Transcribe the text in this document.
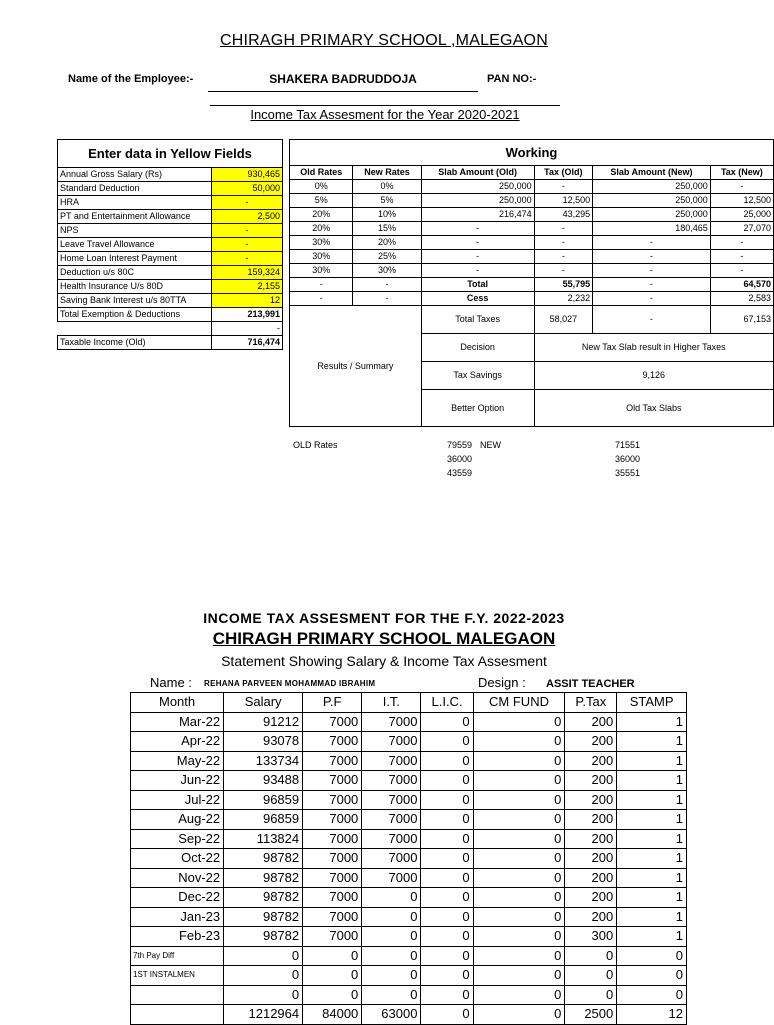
CHIRAGH PRIMARY SCHOOL ,MALEGAON
Name of the Employee:-	SHAKERA BADRUDDOJA	PAN NO:-
Income Tax Assesment for the Year 2020-2021
Enter data in Yellow Fields	
Annual Gross Salary (Rs)	930,465
Standard Deduction	50,000
HRA	-
PT and Entertainment Allowance	2,500
NPS	-
Leave Travel Allowance	-
Home Loan Interest Payment	-
Deduction u/s 80C	159,324
Health Insurance U/s 80D	2,155
Saving Bank Interest u/s 80TTA	12
Total Exemption & Deductions	213,991
	-
Taxable Income (Old)	716,474
Working					
Old Rates	New Rates	Slab Amount (Old)	Tax (Old)	Slab Amount (New)	Tax (New)
0%	0%	250,000	-	250,000	-
5%	5%	250,000	12,500	250,000	12,500
20%	10%	216,474	43,295	250,000	25,000
20%	15%	-	-	180,465	27,070
30%	20%	-	-	-	-
30%	25%	-	-	-	-
30%	30%	-	-	-	-
-	-	Total	55,795	-	64,570
-	-	Cess	2,232	-	2,583
Results / Summary		Total Taxes	58,027	-	67,153
		Decision	New Tax Slab result in Higher Taxes		
		Tax Savings	9,126		
		Better Option	Old Tax Slabs		
OLD Rates	79559
36000
43559
NEW	71551
36000
35551
INCOME TAX ASSESMENT FOR THE F.Y. 2022-2023
CHIRAGH PRIMARY SCHOOL MALEGAON
Statement Showing Salary & Income Tax Assesment
Name : REHANA PARVEEN MOHAMMAD IBRAHIM	Design : ASSIT TEACHER
Month	Salary	P.F	I.T.	L.I.C.	CM FUND	P.Tax	STAMP
Mar-22	91212	7000	7000	0	0	200	1
Apr-22	93078	7000	7000	0	0	200	1
May-22	133734	7000	7000	0	0	200	1
Jun-22	93488	7000	7000	0	0	200	1
Jul-22	96859	7000	7000	0	0	200	1
Aug-22	96859	7000	7000	0	0	200	1
Sep-22	113824	7000	7000	0	0	200	1
Oct-22	98782	7000	7000	0	0	200	1
Nov-22	98782	7000	7000	0	0	200	1
Dec-22	98782	7000	0	0	0	200	1
Jan-23	98782	7000	0	0	0	200	1
Feb-23	98782	7000	0	0	0	300	1
7th Pay Diff	0	0	0	0	0	0	0
1ST INSTALMEN	0	0	0	0	0	0	0
	0	0	0	0	0	0	0
	1212964	84000	63000	0	0	2500	12
